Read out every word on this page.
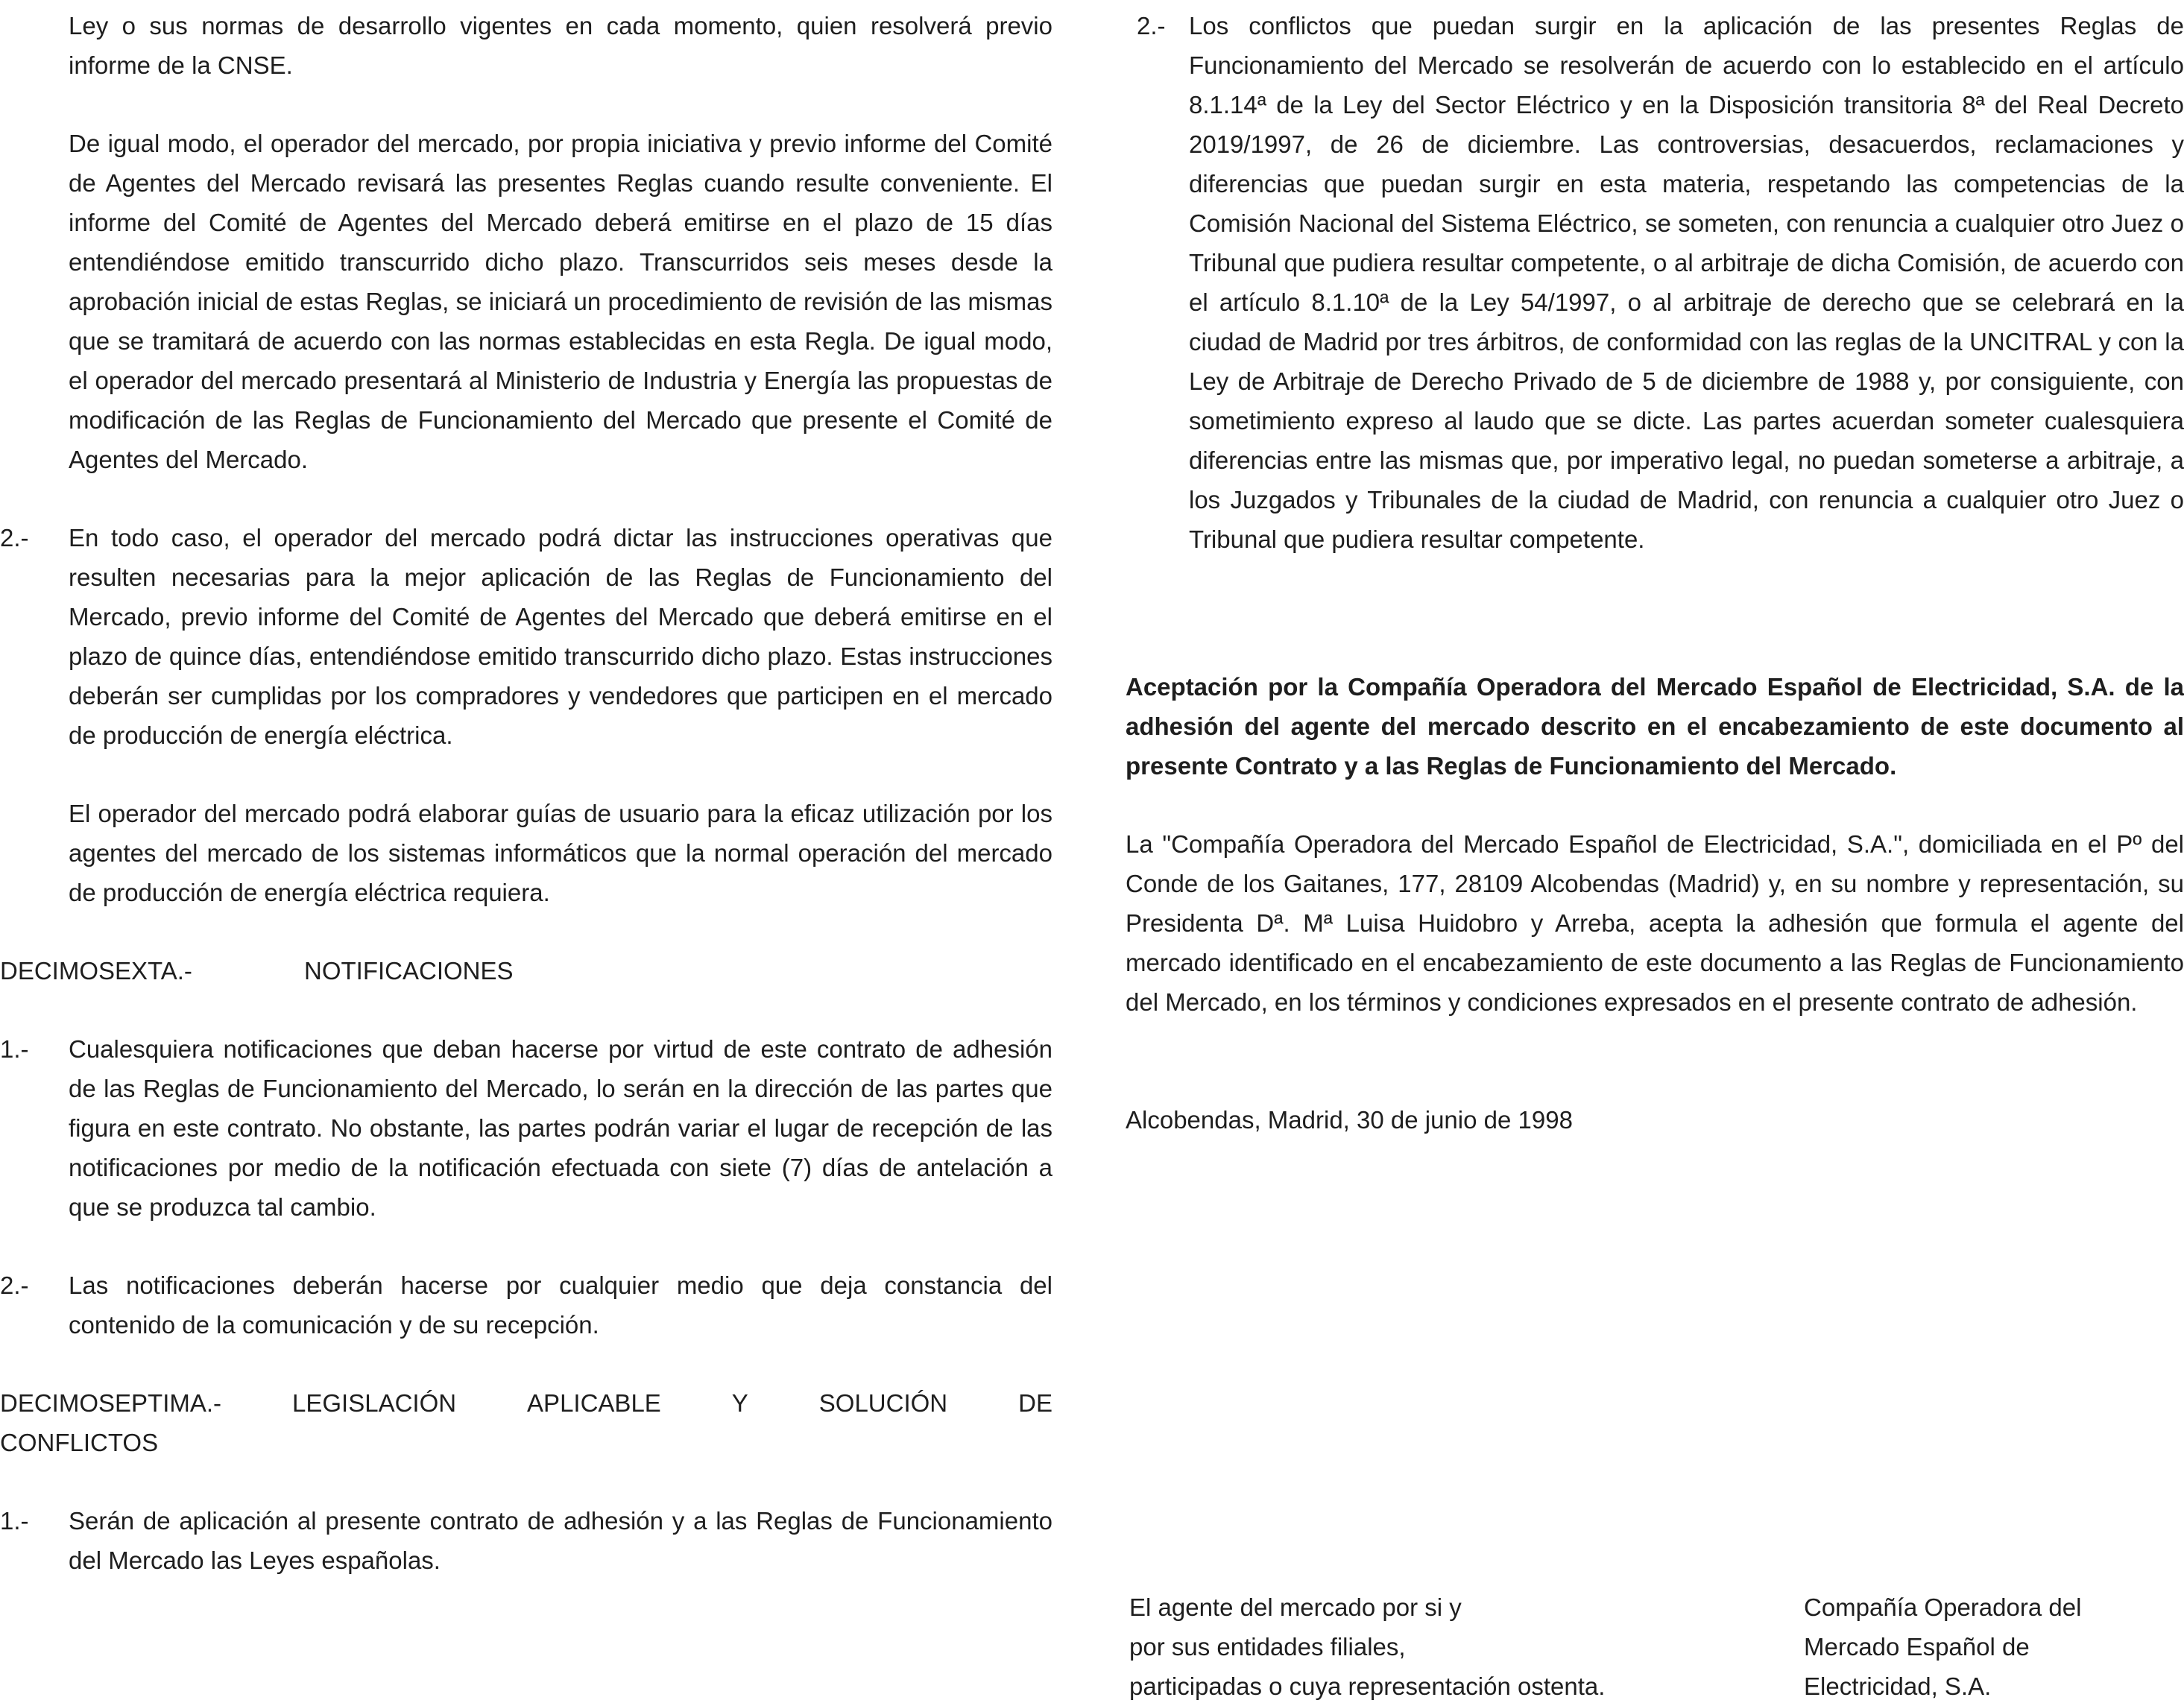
Ley o sus normas de desarrollo vigentes en cada momento, quien resolverá previo informe de la CNSE.

De igual modo, el operador del mercado, por propia iniciativa y previo informe del Comité de Agentes del Mercado revisará las presentes Reglas cuando resulte conveniente. El informe del Comité de Agentes del Mercado deberá emitirse en el plazo de 15 días entendiéndose emitido transcurrido dicho plazo. Transcurridos seis meses desde la aprobación inicial de estas Reglas, se iniciará un procedimiento de revisión de las mismas que se tramitará de acuerdo con las normas establecidas en esta Regla. De igual modo, el operador del mercado presentará al Ministerio de Industria y Energía las propuestas de modificación de las Reglas de Funcionamiento del Mercado que presente el Comité de Agentes del Mercado.

2.- En todo caso, el operador del mercado podrá dictar las instrucciones operativas que resulten necesarias para la mejor aplicación de las Reglas de Funcionamiento del Mercado, previo informe del Comité de Agentes del Mercado que deberá emitirse en el plazo de quince días, entendiéndose emitido transcurrido dicho plazo. Estas instrucciones deberán ser cumplidas por los compradores y vendedores que participen en el mercado de producción de energía eléctrica.

El operador del mercado podrá elaborar guías de usuario para la eficaz utilización por los agentes del mercado de los sistemas informáticos que la normal operación del mercado de producción de energía eléctrica requiera.

DECIMOSEXTA.-	NOTIFICACIONES
1.- Cualesquiera notificaciones que deban hacerse por virtud de este contrato de adhesión de las Reglas de Funcionamiento del Mercado, lo serán en la dirección de las partes que figura en este contrato. No obstante, las partes podrán variar el lugar de recepción de las notificaciones por medio de la notificación efectuada con siete (7) días de antelación a que se produzca tal cambio.
2.- Las notificaciones deberán hacerse por cualquier medio que deja constancia del contenido de la comunicación y de su recepción.
DECIMOSEPTIMA.-	LEGISLACIÓN	APLICABLE	Y	SOLUCIÓN	DE
CONFLICTOS
1.- Serán de aplicación al presente contrato de adhesión y a las Reglas de Funcionamiento del Mercado las Leyes españolas.
2.- Los conflictos que puedan surgir en la aplicación de las presentes Reglas de Funcionamiento del Mercado se resolverán de acuerdo con lo establecido en el artículo 8.1.14ª de la Ley del Sector Eléctrico y en la Disposición transitoria 8ª del Real Decreto 2019/1997, de 26 de diciembre. Las controversias, desacuerdos, reclamaciones y diferencias que puedan surgir en esta materia, respetando las competencias de la Comisión Nacional del Sistema Eléctrico, se someten, con renuncia a cualquier otro Juez o Tribunal que pudiera resultar competente, o al arbitraje de dicha Comisión, de acuerdo con el artículo 8.1.10ª de la Ley 54/1997, o al arbitraje de derecho que se celebrará en la ciudad de Madrid por tres árbitros, de conformidad con las reglas de la UNCITRAL y con la Ley de Arbitraje de Derecho Privado de 5 de diciembre de 1988 y, por consiguiente, con sometimiento expreso al laudo que se dicte. Las partes acuerdan someter cualesquiera diferencias entre las mismas que, por imperativo legal, no puedan someterse a arbitraje, a los Juzgados y Tribunales de la ciudad de Madrid, con renuncia a cualquier otro Juez o Tribunal que pudiera resultar competente.

Aceptación por la Compañía Operadora del Mercado Español de Electricidad, S.A. de la adhesión del agente del mercado descrito en el encabezamiento de este documento al presente Contrato y a las Reglas de Funcionamiento del Mercado.

La "Compañía Operadora del Mercado Español de Electricidad, S.A.", domiciliada en el Pº del Conde de los Gaitanes, 177, 28109 Alcobendas (Madrid) y, en su nombre y representación, su Presidenta Dª. Mª Luisa Huidobro y Arreba, acepta la adhesión que formula el agente del mercado identificado en el encabezamiento de este documento a las Reglas de Funcionamiento del Mercado, en los términos y condiciones expresados en el presente contrato de adhesión.

Alcobendas, Madrid, 30 de junio de 1998

El agente del mercado por si y
por sus entidades filiales,
participadas o cuya representación ostenta.
Compañía Operadora del
Mercado Español de
Electricidad, S.A.
